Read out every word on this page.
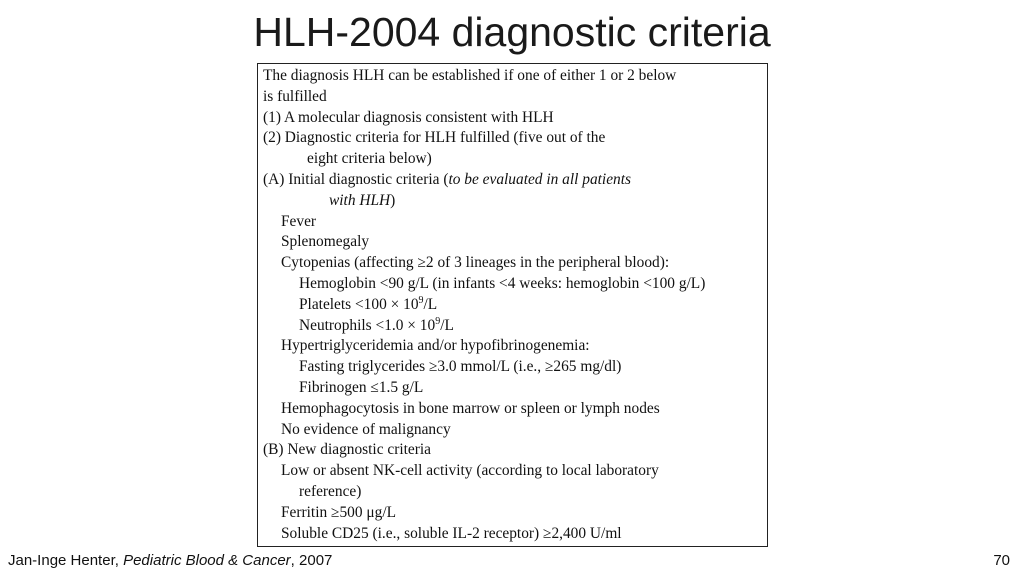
HLH-2004 diagnostic criteria
The diagnosis HLH can be established if one of either 1 or 2 below
is fulfilled
(1) A molecular diagnosis consistent with HLH
(2) Diagnostic criteria for HLH fulfilled (five out of the
eight criteria below)
(A) Initial diagnostic criteria (to be evaluated in all patients
with HLH)
Fever
Splenomegaly
Cytopenias (affecting ≥2 of 3 lineages in the peripheral blood):
Hemoglobin <90 g/L (in infants <4 weeks: hemoglobin <100 g/L)
Platelets $<100 \times 10^9/L$
Neutrophils $<1.0 \times 10^9/L$
Hypertriglyceridemia and/or hypofibrinogenemia:
Fasting triglycerides ≥3.0 mmol/L (i.e., ≥265 mg/dl)
Fibrinogen ≤1.5 g/L
Hemophagocytosis in bone marrow or spleen or lymph nodes
No evidence of malignancy
(B) New diagnostic criteria
Low or absent NK-cell activity (according to local laboratory
reference)
Ferritin ≥500 μg/L
Soluble CD25 (i.e., soluble IL-2 receptor) ≥2,400 U/ml
Jan-Inge Henter, Pediatric Blood & Cancer, 2007	70
